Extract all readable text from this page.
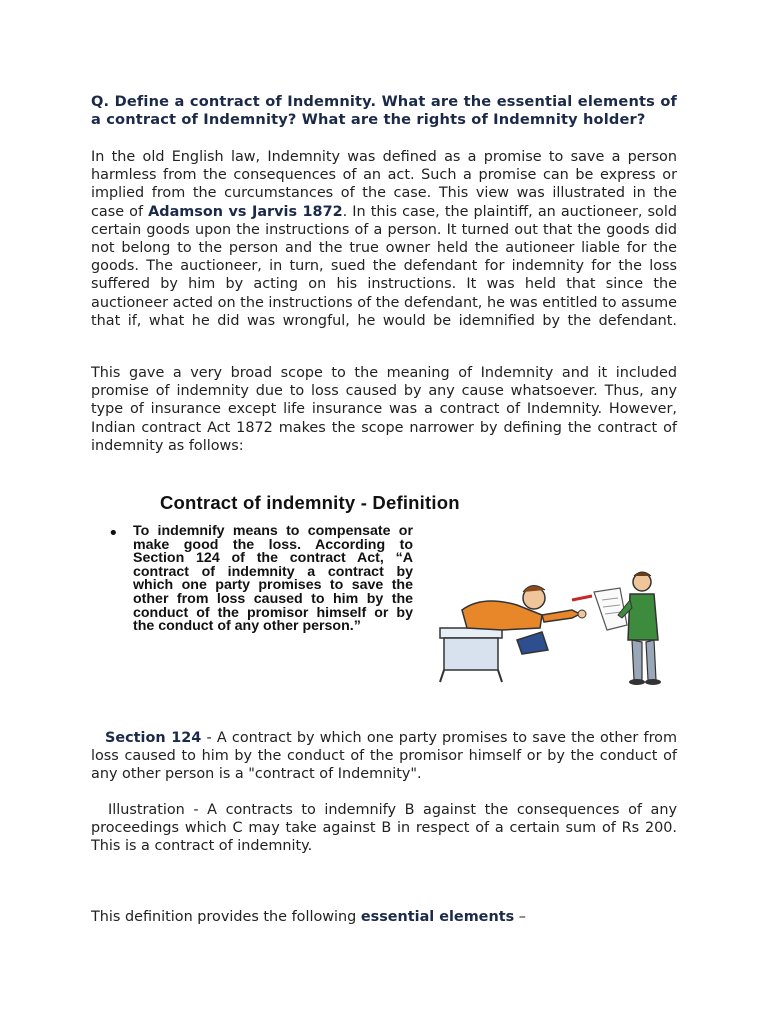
Q. Define a contract of Indemnity. What are the essential elements of a contract of Indemnity? What are the rights of Indemnity holder?
In the old English law, Indemnity was defined as a promise to save a person harmless from the consequences of an act. Such a promise can be express or implied from the curcumstances of the case. This view was illustrated in the case of Adamson vs Jarvis 1872. In this case, the plaintiff, an auctioneer, sold certain goods upon the instructions of a person. It turned out that the goods did not belong to the person and the true owner held the autioneer liable for the goods. The auctioneer, in turn, sued the defendant for indemnity for the loss suffered by him by acting on his instructions. It was held that since the auctioneer acted on the instructions of the defendant, he was entitled to assume that if, what he did was wrongful, he would be idemnified by the defendant.
This gave a very broad scope to the meaning of Indemnity and it included promise of indemnity due to loss caused by any cause whatsoever. Thus, any type of insurance except life insurance was a contract of Indemnity. However, Indian contract Act 1872 makes the scope narrower by defining the contract of indemnity as follows:
Section 124 - A contract by which one party promises to save the other from loss caused to him by the conduct of the promisor himself or by the conduct of any other person is a "contract of Indemnity".
Illustration - A contracts to indemnify B against the consequences of any proceedings which C may take against B in respect of a certain sum of Rs 200. This is a contract of indemnity.
This definition provides the following essential elements –
Contract of indemnity - Definition
• To indemnify means to compensate or make good the loss. According to Section 124 of the contract Act, “A contract of indemnity a contract by which one party promises to save the other from loss caused to him by the conduct of the promisor himself or by the conduct of any other person.”
